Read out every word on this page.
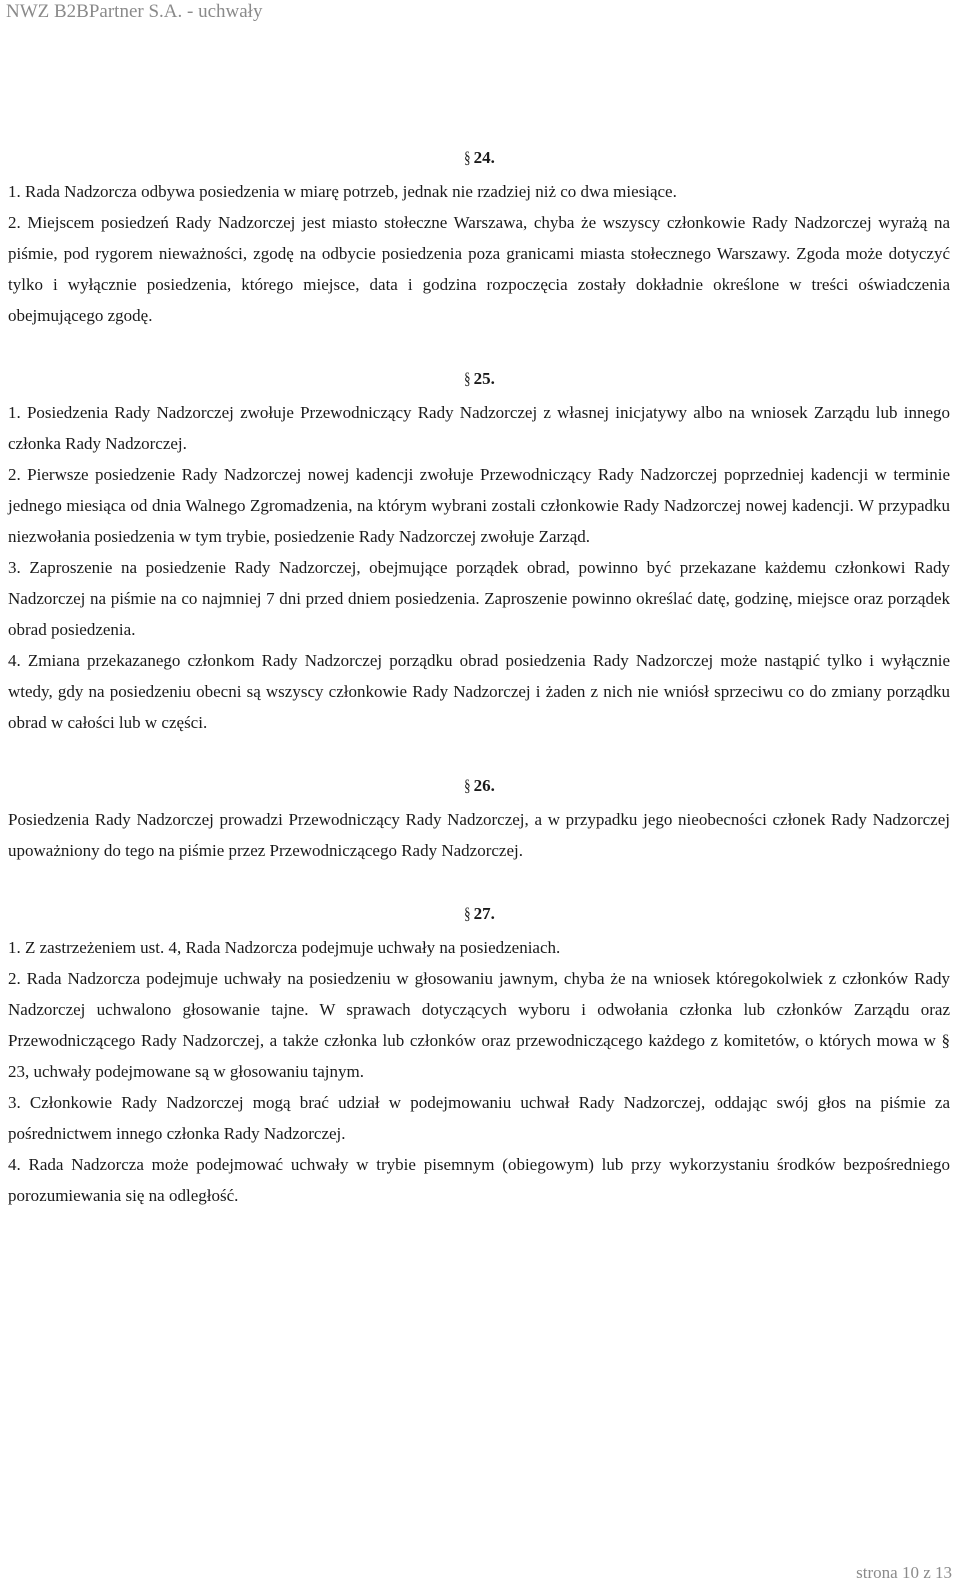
NWZ B2BPartner S.A. - uchwały
§ 24.

1. Rada Nadzorcza odbywa posiedzenia w miarę potrzeb, jednak nie rzadziej niż co dwa miesiące.

2. Miejscem posiedzeń Rady Nadzorczej jest miasto stołeczne Warszawa, chyba że wszyscy członkowie Rady Nadzorczej wyrażą na piśmie, pod rygorem nieważności, zgodę na odbycie posiedzenia poza granicami miasta stołecznego Warszawy. Zgoda może dotyczyć tylko i wyłącznie posiedzenia, którego miejsce, data i godzina rozpoczęcia zostały dokładnie określone w treści oświadczenia obejmującego zgodę.

§ 25.

1. Posiedzenia Rady Nadzorczej zwołuje Przewodniczący Rady Nadzorczej z własnej inicjatywy albo na wniosek Zarządu lub innego członka Rady Nadzorczej.

2. Pierwsze posiedzenie Rady Nadzorczej nowej kadencji zwołuje Przewodniczący Rady Nadzorczej poprzedniej kadencji w terminie jednego miesiąca od dnia Walnego Zgromadzenia, na którym wybrani zostali członkowie Rady Nadzorczej nowej kadencji. W przypadku niezwołania posiedzenia w tym trybie, posiedzenie Rady Nadzorczej zwołuje Zarząd.

3. Zaproszenie na posiedzenie Rady Nadzorczej, obejmujące porządek obrad, powinno być przekazane każdemu członkowi Rady Nadzorczej na piśmie na co najmniej 7 dni przed dniem posiedzenia. Zaproszenie powinno określać datę, godzinę, miejsce oraz porządek obrad posiedzenia.

4. Zmiana przekazanego członkom Rady Nadzorczej porządku obrad posiedzenia Rady Nadzorczej może nastąpić tylko i wyłącznie wtedy, gdy na posiedzeniu obecni są wszyscy członkowie Rady Nadzorczej i żaden z nich nie wniósł sprzeciwu co do zmiany porządku obrad w całości lub w części.

§ 26.

Posiedzenia Rady Nadzorczej prowadzi Przewodniczący Rady Nadzorczej, a w przypadku jego nieobecności członek Rady Nadzorczej upoważniony do tego na piśmie przez Przewodniczącego Rady Nadzorczej.

§ 27.

1. Z zastrzeżeniem ust. 4, Rada Nadzorcza podejmuje uchwały na posiedzeniach.

2. Rada Nadzorcza podejmuje uchwały na posiedzeniu w głosowaniu jawnym, chyba że na wniosek któregokolwiek z członków Rady Nadzorczej uchwalono głosowanie tajne. W sprawach dotyczących wyboru i odwołania członka lub członków Zarządu oraz Przewodniczącego Rady Nadzorczej, a także członka lub członków oraz przewodniczącego każdego z komitetów, o których mowa w § 23, uchwały podejmowane są w głosowaniu tajnym.

3. Członkowie Rady Nadzorczej mogą brać udział w podejmowaniu uchwał Rady Nadzorczej, oddając swój głos na piśmie za pośrednictwem innego członka Rady Nadzorczej.

4. Rada Nadzorcza może podejmować uchwały w trybie pisemnym (obiegowym) lub przy wykorzystaniu środków bezpośredniego porozumiewania się na odległość.

strona 10 z 13
